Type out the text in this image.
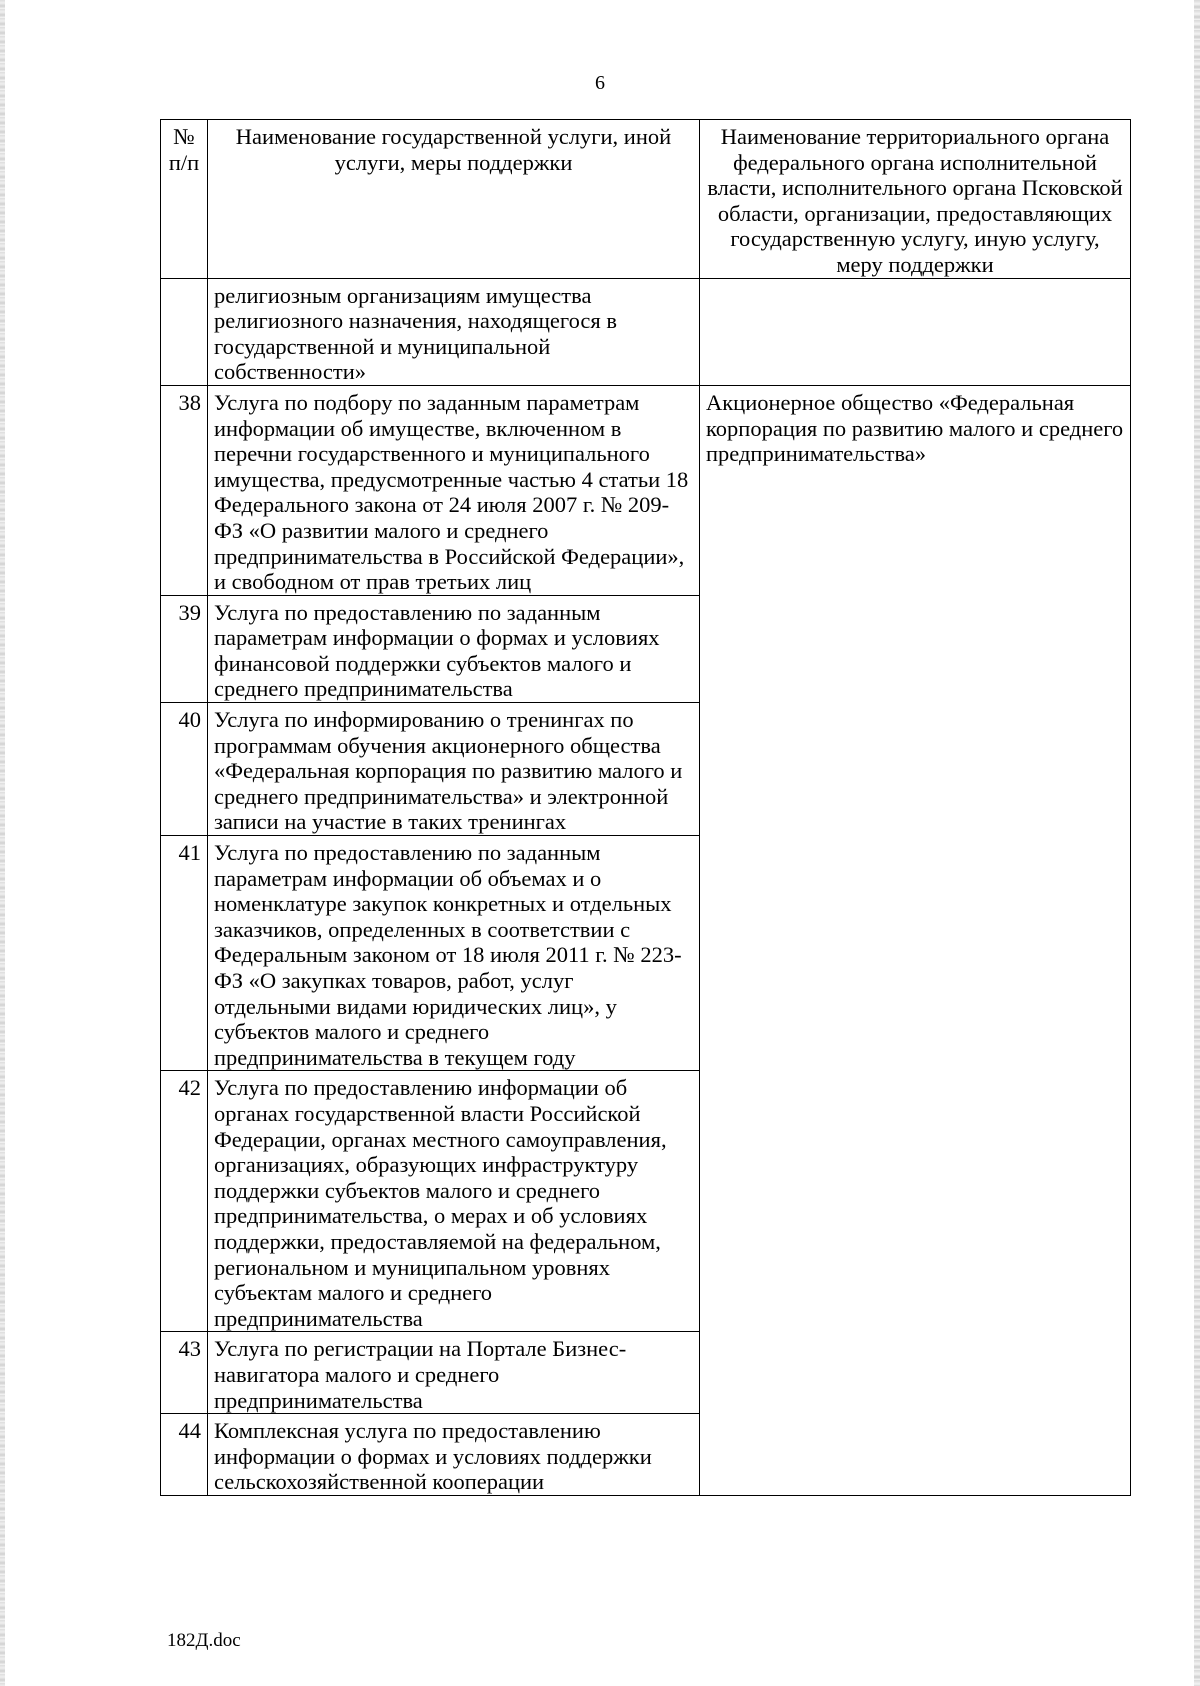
6
№ п/п	Наименование государственной услуги, иной услуги, меры поддержки	Наименование территориального органа федерального органа исполнительной власти, исполнительного органа Псковской области, организации, предоставляющих государственную услугу, иную услугу, меру поддержки
	религиозным организациям имущества религиозного назначения, находящегося в государственной и муниципальной собственности»	
38	Услуга по подбору по заданным параметрам информации об имуществе, включенном в перечни государственного и муниципального имущества, предусмотренные частью 4 статьи 18 Федерального закона от 24 июля 2007 г. № 209-ФЗ «О развитии малого и среднего предпринимательства в Российской Федерации», и свободном от прав третьих лиц	Акционерное общество «Федеральная корпорация по развитию малого и среднего предпринимательства»
39	Услуга по предоставлению по заданным параметрам информации о формах и условиях финансовой поддержки субъектов малого и среднего предпринимательства	
40	Услуга по информированию о тренингах по программам обучения акционерного общества «Федеральная корпорация по развитию малого и среднего предпринимательства» и электронной записи на участие в таких тренингах	
41	Услуга по предоставлению по заданным параметрам информации об объемах и о номенклатуре закупок конкретных и отдельных заказчиков, определенных в соответствии с Федеральным законом от 18 июля 2011 г. № 223-ФЗ «О закупках товаров, работ, услуг отдельными видами юридических лиц», у субъектов малого и среднего предпринимательства в текущем году	
42	Услуга по предоставлению информации об органах государственной власти Российской Федерации, органах местного самоуправления, организациях, образующих инфраструктуру поддержки субъектов малого и среднего предпринимательства, о мерах и об условиях поддержки, предоставляемой на федеральном, региональном и муниципальном уровнях субъектам малого и среднего предпринимательства	
43	Услуга по регистрации на Портале Бизнес-навигатора малого и среднего предпринимательства	
44	Комплексная услуга по предоставлению информации о формах и условиях поддержки сельскохозяйственной кооперации	
182Д.doc
